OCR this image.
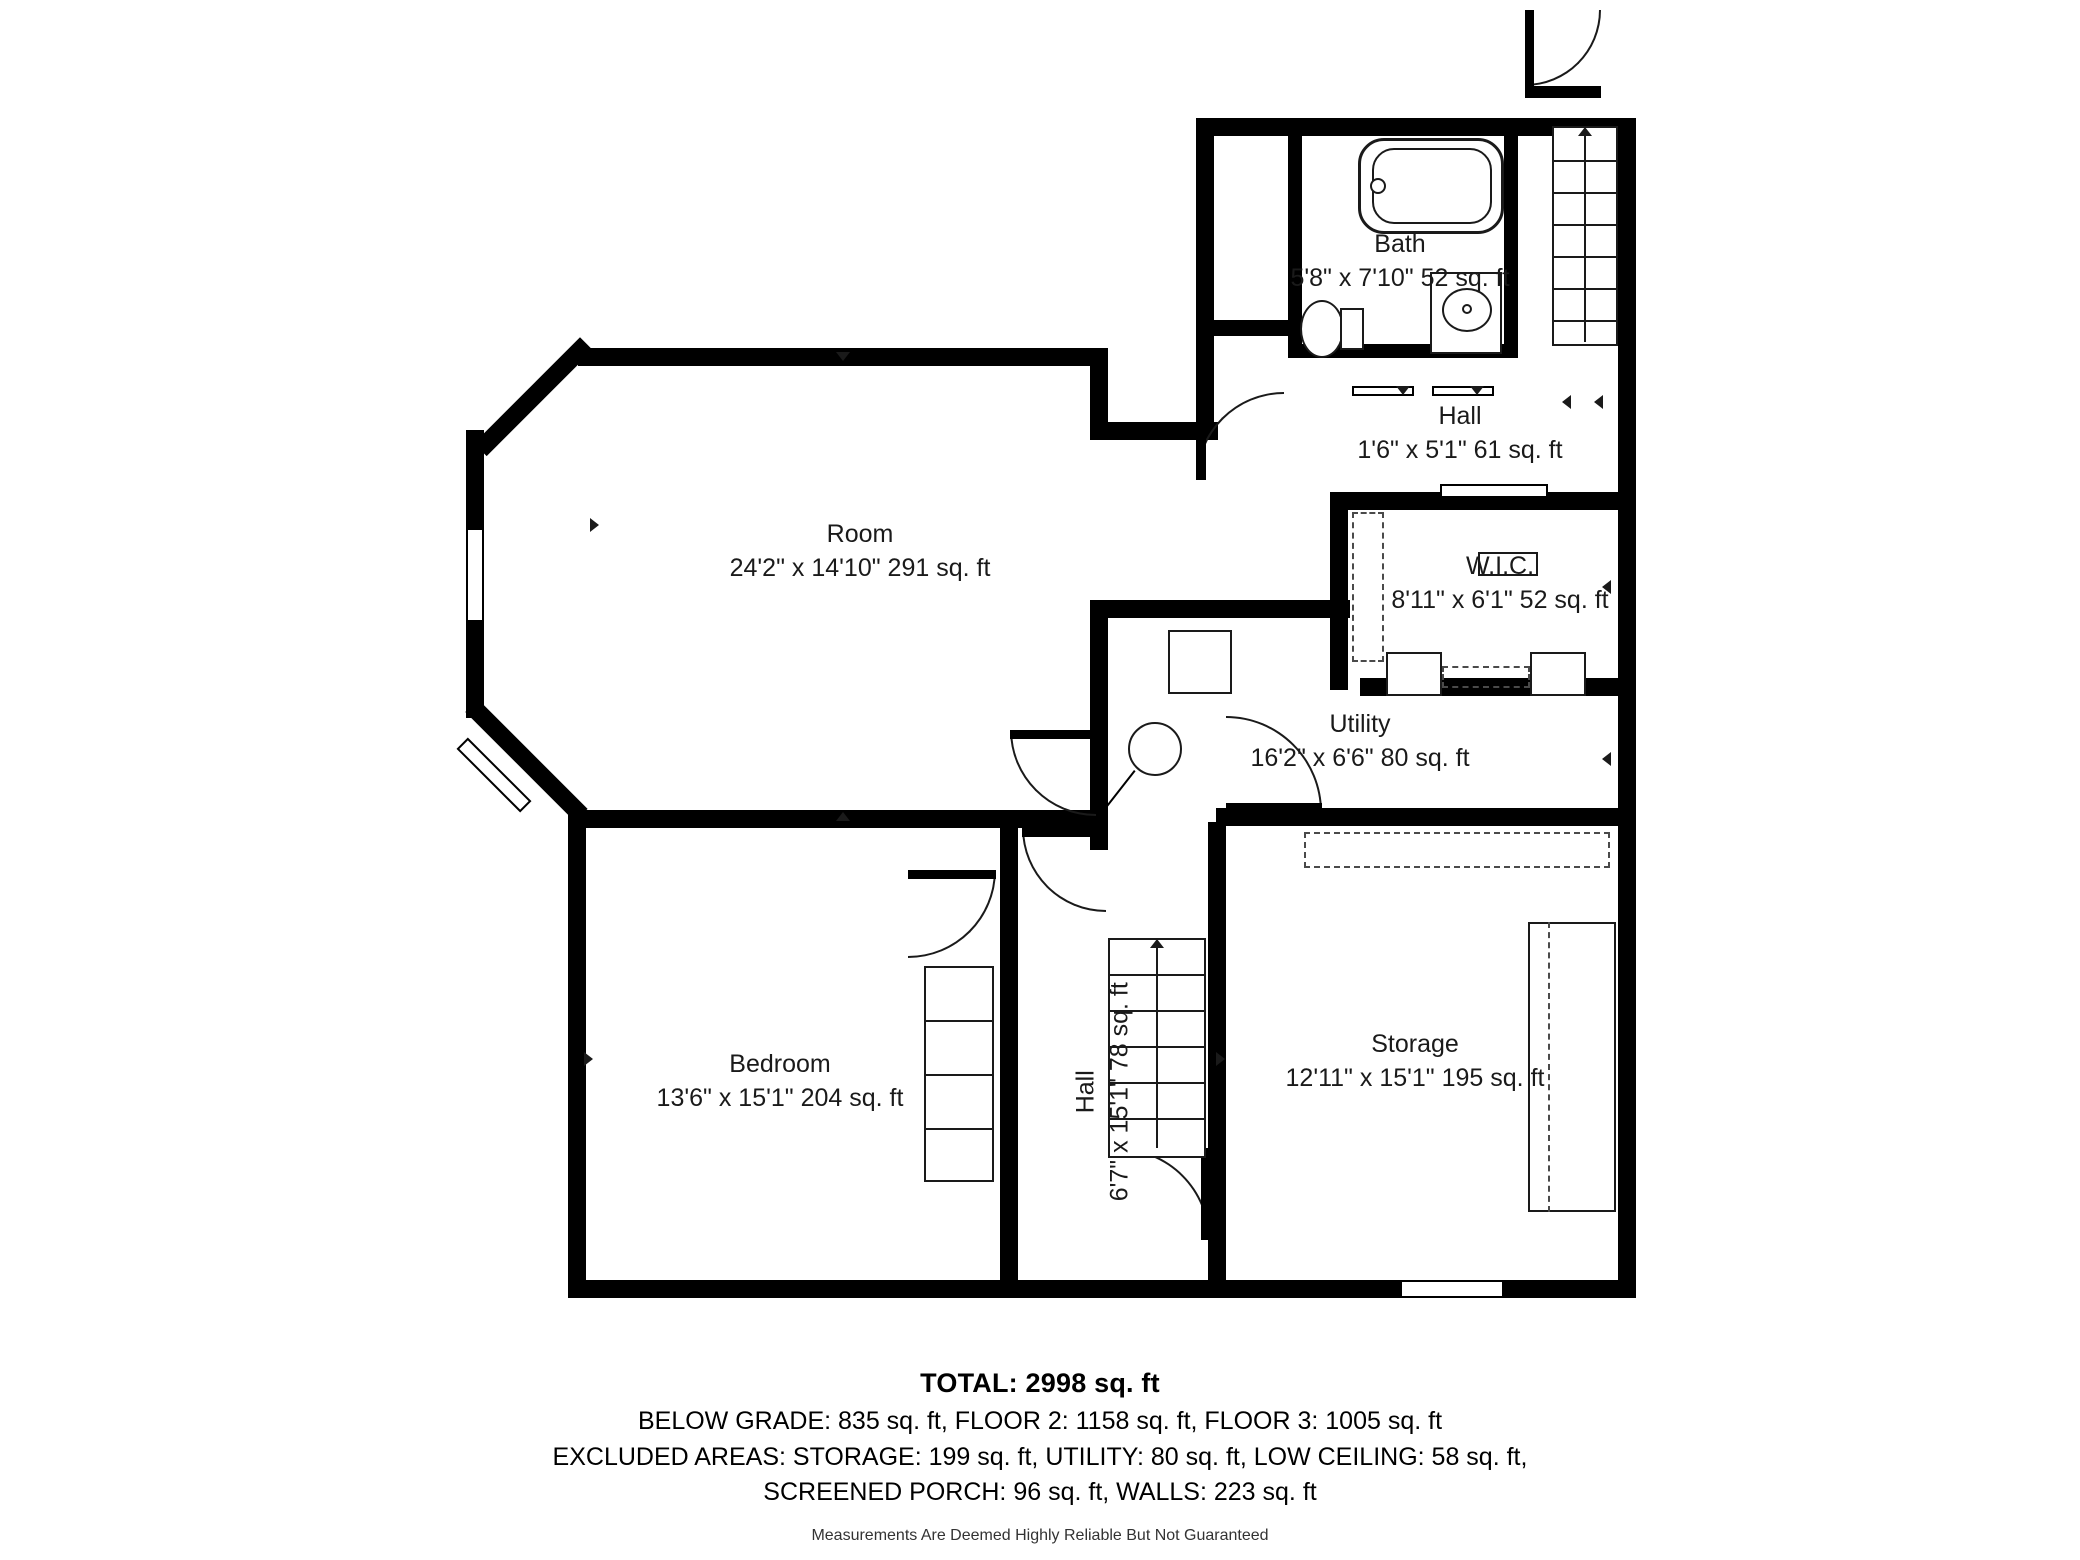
Room
24'2" x 14'10" 291 sq. ft
Bath
5'8" x 7'10" 52 sq. ft
Hall
1'6" x 5'1" 61 sq. ft
W.I.C.
8'11" x 6'1" 52 sq. ft
Utility
16'2" x 6'6" 80 sq. ft
Bedroom
13'6" x 15'1" 204 sq. ft	Hall 6'7" x 15'1" 78 sq. ft	Storage
12'11" x 15'1" 195 sq. ft
TOTAL: 2998 sq. ft
BELOW GRADE: 835 sq. ft, FLOOR 2: 1158 sq. ft, FLOOR 3: 1005 sq. ft
EXCLUDED AREAS: STORAGE: 199 sq. ft, UTILITY: 80 sq. ft, LOW CEILING: 58 sq. ft,
SCREENED PORCH: 96 sq. ft, WALLS: 223 sq. ft
Measurements Are Deemed Highly Reliable But Not Guaranteed
